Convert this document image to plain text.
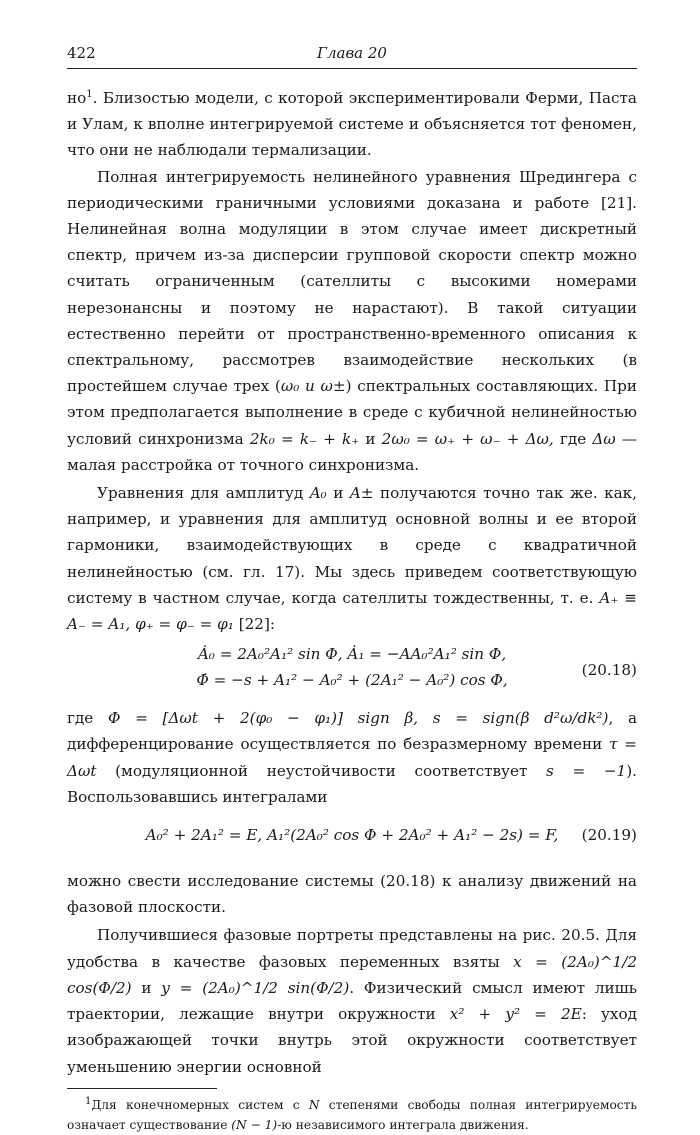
422	Глава 20

$но^1$. Близостью модели, с которой экспериментировали Ферми, Паста и Улам, к вполне интегрируемой системе и объясняется тот феномен, что они не наблюдали термализации.

Полная интегрируемость нелинейного уравнения Шредингера с периодическими граничными условиями доказана и работе [21]. Нелинейная волна модуляции в этом случае имеет дискретный спектр, причем из-за дисперсии групповой скорости спектр можно считать ограниченным (сателлиты с высокими номерами нерезонансны и поэтому не нарастают). В такой ситуации естественно перейти от пространственно-временного описания к спектральному, рассмотрев взаимодействие нескольких (в простейшем случае трех (ω₀ и ω±) спектральных составляющих. При этом предполагается выполнение в среде с кубичной нелинейностью условий синхронизма 2k₀ = k₋ + k₊ и 2ω₀ = ω₊ + ω₋ + Δω, где Δω — малая расстройка от точного синхронизма.

Уравнения для амплитуд A₀ и A± получаются точно так же. как, например, и уравнения для амплитуд основной волны и ее второй гармоники, взаимодействующих в среде с квадратичной нелинейностью (см. гл. 17). Мы здесь приведем соответствующую систему в частном случае, когда сателлиты тождественны, т. е. A₊ ≡ A₋ = A₁, φ₊ = φ₋ = φ₁ [22]:

(20.18)
Ȧ₀ = 2A₀²A₁² sin Φ, Ȧ₁ = −AA₀²A₁² sin Φ,
Φ̇ = −s + A₁² − A₀² + (2A₁² − A₀²) cos Φ,

где Φ = [Δωt + 2(φ₀ − φ₁)] sign β, s = sign(β d²ω/dk²), а дифференцирование осуществляется по безразмерному времени τ = Δωt (модуляционной неустойчивости соответствует s = −1). Воспользовавшись интегралами

(20.19)
A₀² + 2A₁² = E, A₁²(2A₀² cos Φ + 2A₀² + A₁² − 2s) = F,

можно свести исследование системы (20.18) к анализу движений на фазовой плоскости.

Получившиеся фазовые портреты представлены на рис. 20.5. Для удобства в качестве фазовых переменных взяты x = (2A₀)^1/2 cos(Φ/2) и y = (2A₀)^1/2 sin(Φ/2). Физический смысл имеют лишь траектории, лежащие внутри окружности x² + y² = 2E: уход изображающей точки внутрь этой окружности соответствует уменьшению энергии основной

$^1$Для конечномерных систем с N степенями свободы полная интегрируемость означает существование (N − 1)-ю независимого интеграла движения.
